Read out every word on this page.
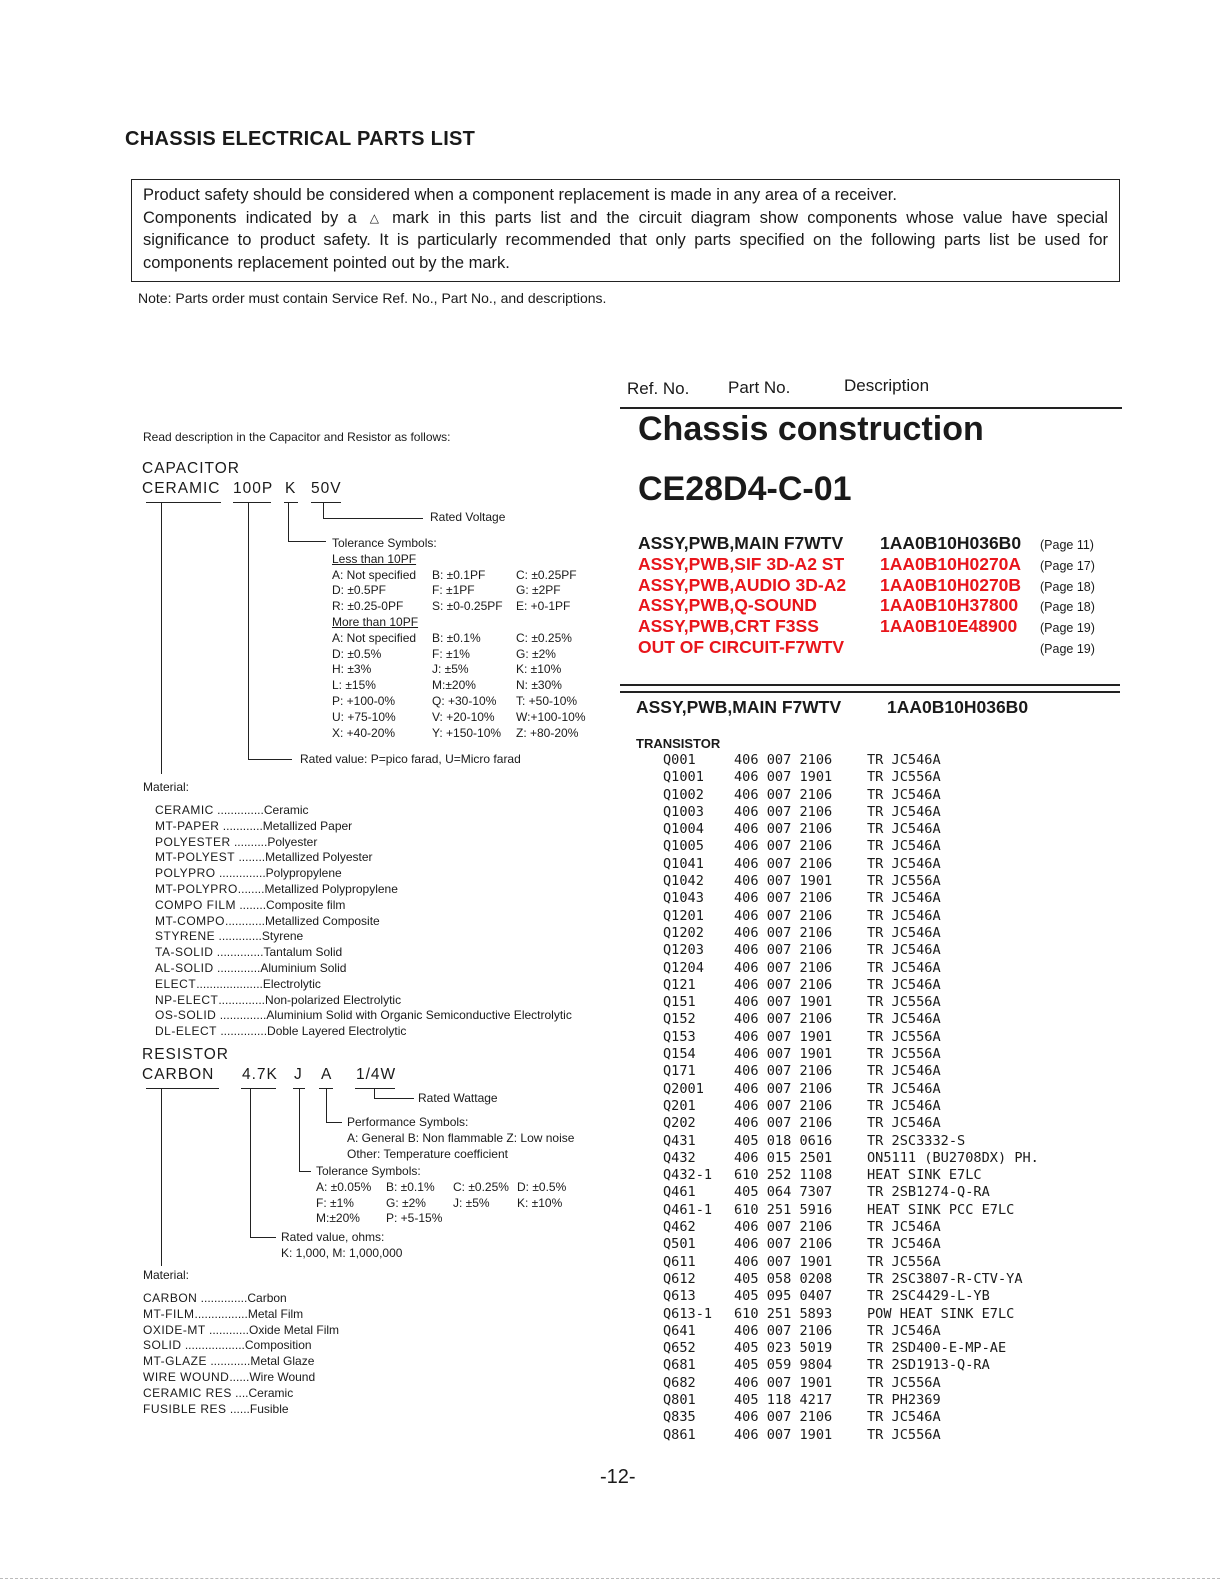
CHASSIS ELECTRICAL PARTS LIST

Product safety should be considered when a component replacement is made in any area of a receiver.

Components indicated by a △ mark in this parts list and the circuit diagram show components whose value have special significance to product safety. It is particularly recommended that only parts specified on the following parts list be used for components replacement pointed out by the mark.

Note: Parts order must contain Service Ref. No., Part No., and descriptions.
Ref. No. Part No.	Description
Read description in the Capacitor and Resistor as follows:
CAPACITOR
CERAMIC 100P K 50V
Rated Voltage
Tolerance Symbols:
Less than 10PF
A: Not specified	B: ±0.1PF	C: ±0.25PF
D: ±0.5PF	F: ±1PF	G: ±2PF
R: ±0.25-0PF	S: ±0-0.25PF	E: +0-1PF
More than 10PF
A: Not specified	B: ±0.1%	C: ±0.25%
D: ±0.5%	F: ±1%	G: ±2%
H: ±3%	J: ±5%	K: ±10%
L: ±15%	M:±20%	N: ±30%
P: +100-0%	Q: +30-10%	T: +50-10%
U: +75-10%	V: +20-10%	W:+100-10%
X: +40-20%	Y: +150-10%	Z: +80-20%
Rated value: P=pico farad, U=Micro farad
Material:
CERAMIC ..............Ceramic
MT-PAPER ............Metallized Paper
POLYESTER ..........Polyester
MT-POLYEST ........Metallized Polyester
POLYPRO ..............Polypropylene
MT-POLYPRO........Metallized Polypropylene
COMPO FILM ........Composite film
MT-COMPO............Metallized Composite
STYRENE .............Styrene
TA-SOLID ..............Tantalum Solid
AL-SOLID .............Aluminium Solid
ELECT....................Electrolytic
NP-ELECT..............Non-polarized Electrolytic
OS-SOLID ..............Aluminium Solid with Organic Semiconductive Electrolytic
DL-ELECT ..............Doble Layered Electrolytic
RESISTOR
CARBON 4.7K J A 1/4W
Rated Wattage
Performance Symbols:
A: General B: Non flammable Z: Low noise
Other: Temperature coefficient
Tolerance Symbols:
A: ±0.05%	B: ±0.1%	C: ±0.25% D: ±0.5%
F: ±1%	G: ±2%	J: ±5%	K: ±10%
M:±20%	P: +5-15%
Rated value, ohms:
K: 1,000, M: 1,000,000
Material:
CARBON ..............Carbon
MT-FILM................Metal Film
OXIDE-MT ............Oxide Metal Film
SOLID ..................Composition
MT-GLAZE ............Metal Glaze
WIRE WOUND......Wire Wound
CERAMIC RES ....Ceramic
FUSIBLE RES ......Fusible
Chassis construction
CE28D4-C-01
ASSY,PWB,MAIN F7WTV 1AA0B10H036B0 (Page 11)
ASSY,PWB,SIF 3D-A2 ST 1AA0B10H0270A (Page 17)
ASSY,PWB,AUDIO 3D-A2 1AA0B10H0270B (Page 18)
ASSY,PWB,Q-SOUND	1AA0B10H37800 (Page 18)
ASSY,PWB,CRT F3SS	1AA0B10E48900 (Page 19)
OUT OF CIRCUIT-F7WTV	(Page 19)
ASSY,PWB,MAIN F7WTV	1AA0B10H036B0
TRANSISTOR
Q001	406 007 2106	TR JC546A
Q1001 406 007 1901	TR JC556A
Q1002 406 007 2106	TR JC546A
Q1003 406 007 2106	TR JC546A
Q1004 406 007 2106	TR JC546A
Q1005 406 007 2106	TR JC546A
Q1041 406 007 2106	TR JC546A
Q1042 406 007 1901	TR JC556A
Q1043 406 007 2106	TR JC546A
Q1201 406 007 2106	TR JC546A
Q1202 406 007 2106	TR JC546A
Q1203 406 007 2106	TR JC546A
Q1204 406 007 2106	TR JC546A
Q121	406 007 2106	TR JC546A
Q151	406 007 1901	TR JC556A
Q152	406 007 2106	TR JC546A
Q153	406 007 1901	TR JC556A
Q154	406 007 1901	TR JC556A
Q171	406 007 2106	TR JC546A
Q2001 406 007 2106	TR JC546A
Q201	406 007 2106	TR JC546A
Q202	406 007 2106	TR JC546A
Q431	405 018 0616	TR 2SC3332-S
Q432	406 015 2501	ON5111 (BU2708DX) PH.
Q432-1 610 252 1108	HEAT SINK E7LC
Q461	405 064 7307	TR 2SB1274-Q-RA
Q461-1 610 251 5916	HEAT SINK PCC E7LC
Q462	406 007 2106	TR JC546A
Q501	406 007 2106	TR JC546A
Q611	406 007 1901	TR JC556A
Q612	405 058 0208	TR 2SC3807-R-CTV-YA
Q613	405 095 0407	TR 2SC4429-L-YB
Q613-1 610 251 5893	POW HEAT SINK E7LC
Q641	406 007 2106	TR JC546A
Q652	405 023 5019	TR 2SD400-E-MP-AE
Q681	405 059 9804	TR 2SD1913-Q-RA
Q682	406 007 1901	TR JC556A
Q801	405 118 4217	TR PH2369
Q835	406 007 2106	TR JC546A
Q861	406 007 1901	TR JC556A
-12-
